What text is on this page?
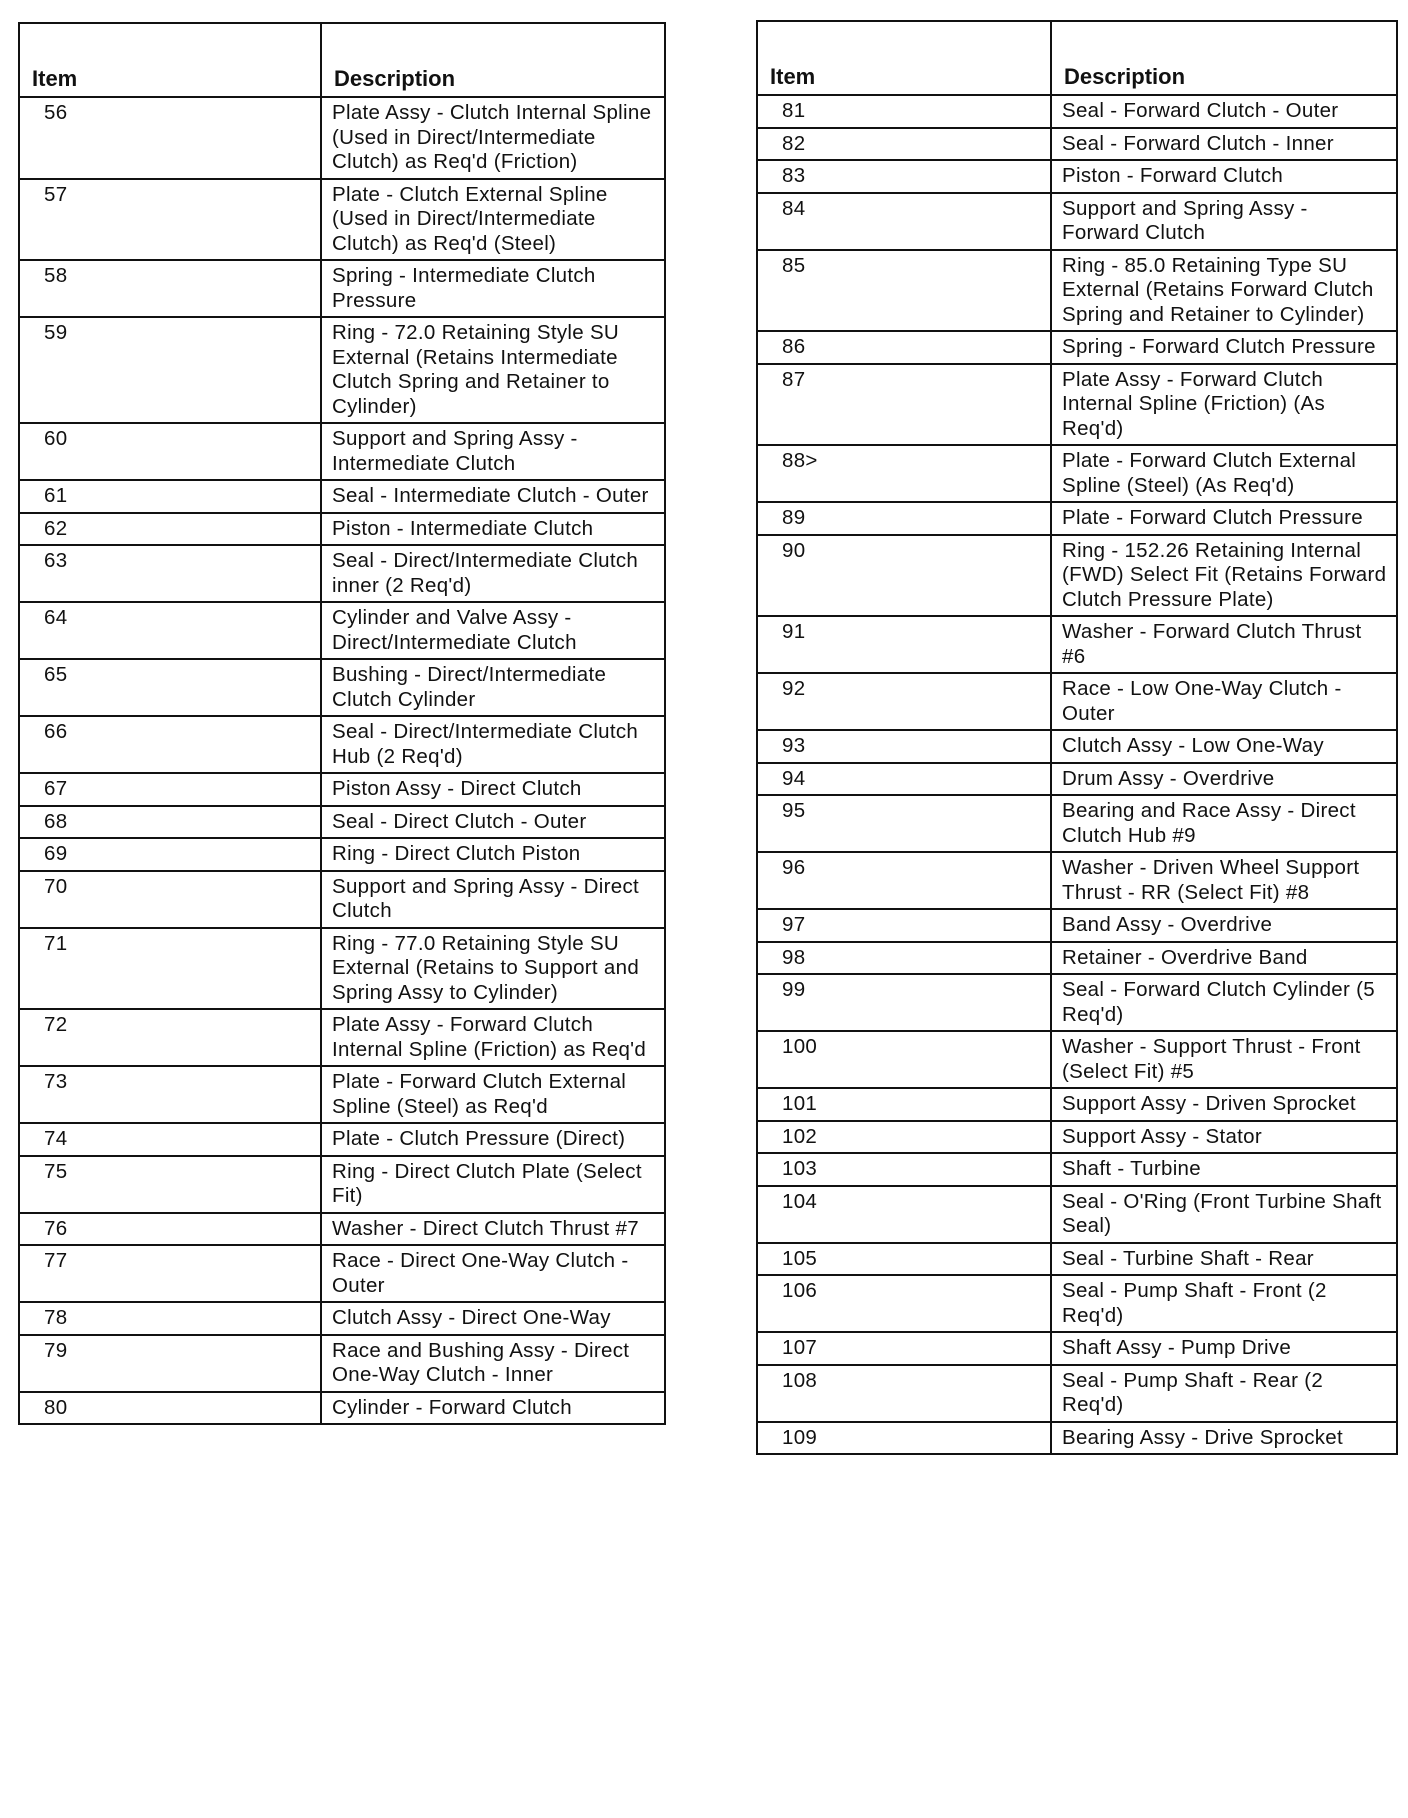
Item	Description
56	Plate Assy - Clutch Internal Spline (Used in Direct/Intermediate Clutch) as Req'd (Friction)
57	Plate - Clutch External Spline (Used in Direct/Intermediate Clutch) as Req'd (Steel)
58	Spring - Intermediate Clutch Pressure
59	Ring - 72.0 Retaining Style SU External (Retains Intermediate Clutch Spring and Retainer to Cylinder)
60	Support and Spring Assy - Intermediate Clutch
61	Seal - Intermediate Clutch - Outer
62	Piston - Intermediate Clutch
63	Seal - Direct/Intermediate Clutch inner (2 Req'd)
64	Cylinder and Valve Assy - Direct/Intermediate Clutch
65	Bushing - Direct/Intermediate Clutch Cylinder
66	Seal - Direct/Intermediate Clutch Hub (2 Req'd)
67	Piston Assy - Direct Clutch
68	Seal - Direct Clutch - Outer
69	Ring - Direct Clutch Piston
70	Support and Spring Assy - Direct Clutch
71	Ring - 77.0 Retaining Style SU External (Retains to Support and Spring Assy to Cylinder)
72	Plate Assy - Forward Clutch Internal Spline (Friction) as Req'd
73	Plate - Forward Clutch External Spline (Steel) as Req'd
74	Plate - Clutch Pressure (Direct)
75	Ring - Direct Clutch Plate (Select Fit)
76	Washer - Direct Clutch Thrust #7
77	Race - Direct One-Way Clutch - Outer
78	Clutch Assy - Direct One-Way
79	Race and Bushing Assy - Direct One-Way Clutch - Inner
80	Cylinder - Forward Clutch
Item	Description
81	Seal - Forward Clutch - Outer
82	Seal - Forward Clutch - Inner
83	Piston - Forward Clutch
84	Support and Spring Assy - Forward Clutch
85	Ring - 85.0 Retaining Type SU External (Retains Forward Clutch Spring and Retainer to Cylinder)
86	Spring - Forward Clutch Pressure
87	Plate Assy - Forward Clutch Internal Spline (Friction) (As Req'd)
88>	Plate - Forward Clutch External Spline (Steel) (As Req'd)
89	Plate - Forward Clutch Pressure
90	Ring - 152.26 Retaining Internal (FWD) Select Fit (Retains Forward Clutch Pressure Plate)
91	Washer - Forward Clutch Thrust #6
92	Race - Low One-Way Clutch - Outer
93	Clutch Assy - Low One-Way
94	Drum Assy - Overdrive
95	Bearing and Race Assy - Direct Clutch Hub #9
96	Washer - Driven Wheel Support Thrust - RR (Select Fit) #8
97	Band Assy - Overdrive
98	Retainer - Overdrive Band
99	Seal - Forward Clutch Cylinder (5 Req'd)
100	Washer - Support Thrust - Front (Select Fit) #5
101	Support Assy - Driven Sprocket
102	Support Assy - Stator
103	Shaft - Turbine
104	Seal - O'Ring (Front Turbine Shaft Seal)
105	Seal - Turbine Shaft - Rear
106	Seal - Pump Shaft - Front (2 Req'd)
107	Shaft Assy - Pump Drive
108	Seal - Pump Shaft - Rear (2 Req'd)
109	Bearing Assy - Drive Sprocket
